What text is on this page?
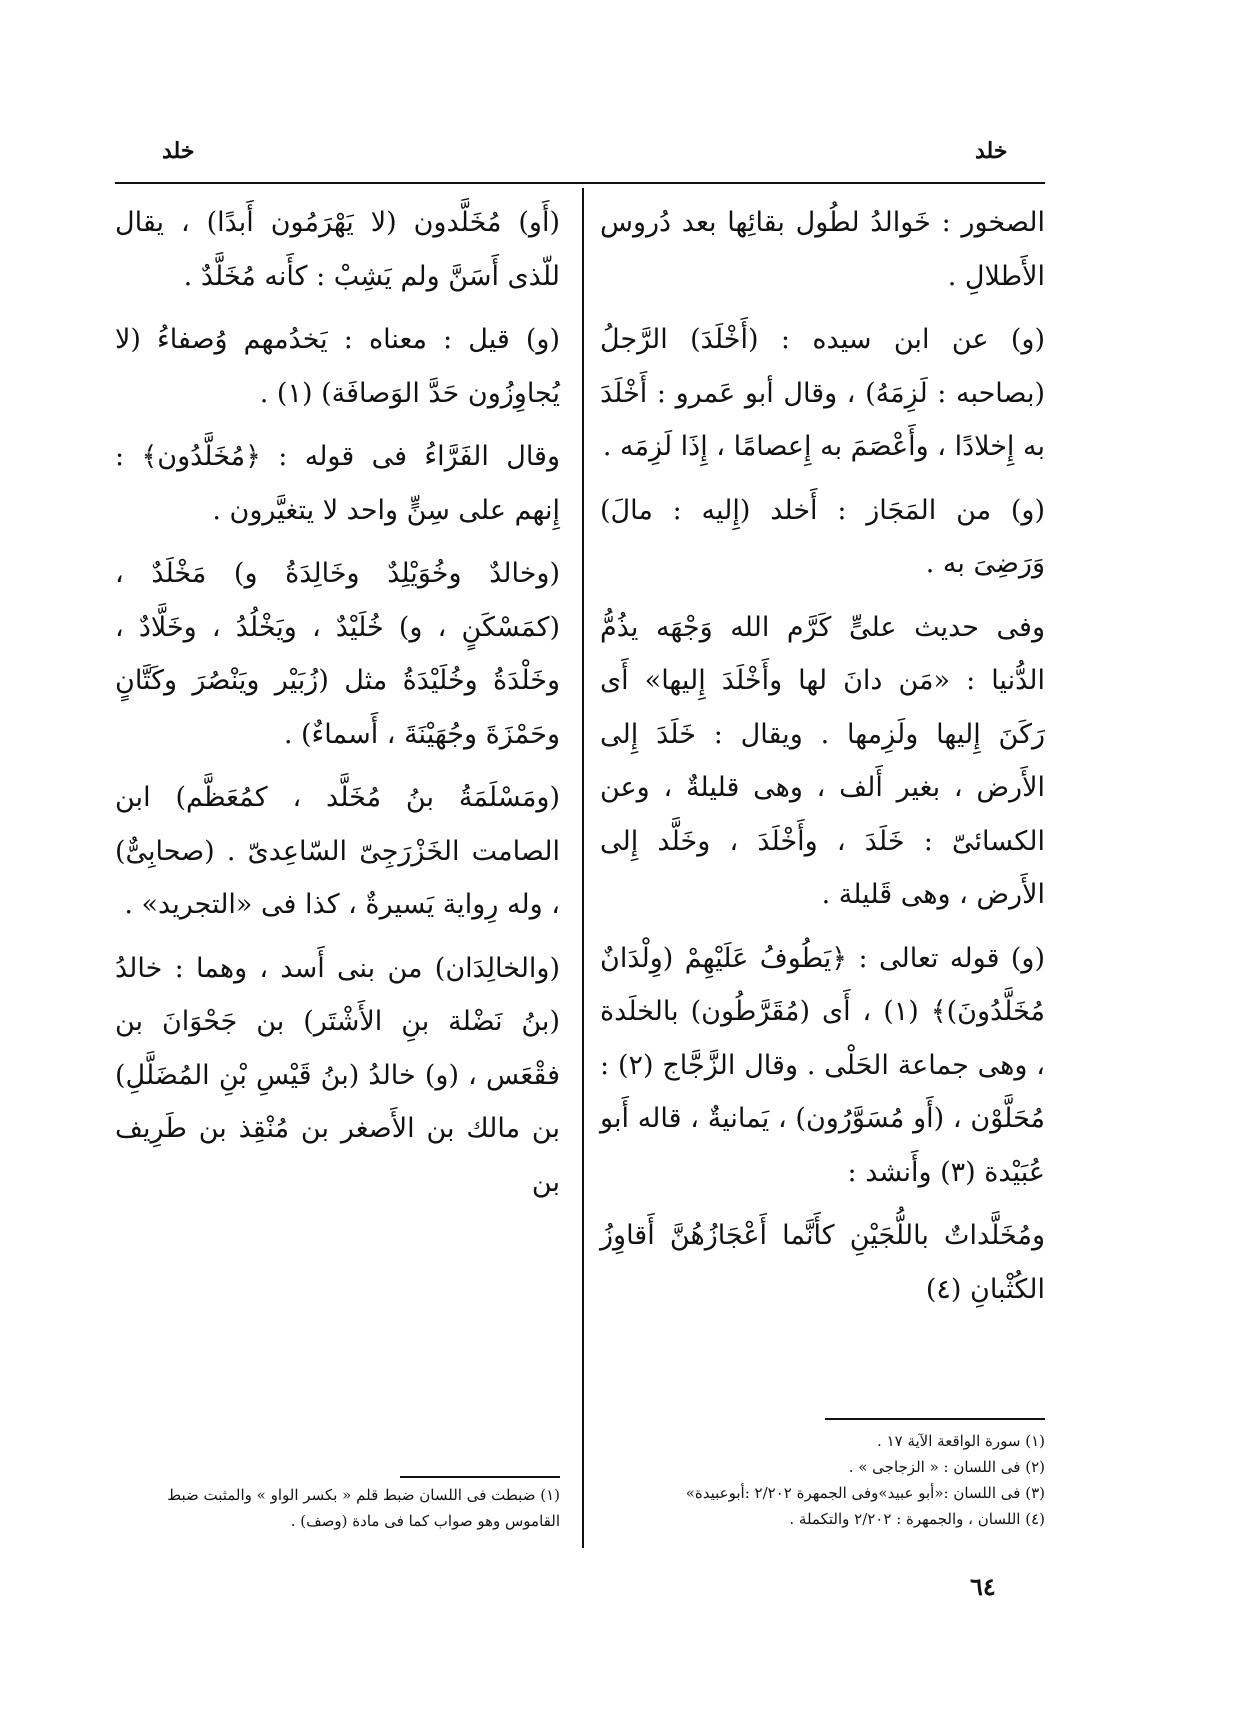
خلد
خلد

الصخور : خَوالدُ لطُول بقائِها بعد دُروس الأَطلالِ .

(و) عن ابن سيده : (أَخْلَدَ) الرَّجلُ (بصاحبه : لَزِمَهُ) ، وقال أبو عَمرو : أَخْلَدَ به إِخلادًا ، وأَعْصَمَ به إِعصامًا ، إِذَا لَزِمَه .

(و) من المَجَاز : أَخلد (إِليه : مالَ) وَرَضِىَ به .

وفى حديث علىٍّ كَرَّم الله وَجْهَه يذُمُّ الدُّنيا : «مَن دانَ لها وأَخْلَدَ إِليها» أَى رَكَنَ إِليها ولَزِمها . ويقال : خَلَدَ إِلى الأَرض ، بغير أَلف ، وهى قليلةٌ ، وعن الكسائىّ : خَلَدَ ، وأَخْلَدَ ، وخَلَّد إِلى الأَرض ، وهى قَليلة .

(و) قوله تعالى : ﴿يَطُوفُ عَلَيْهِمْ (وِلْدَانٌ مُخَلَّدُونَ)﴾ (١) ، أَى (مُقَرَّطُون) بالخلَدة ، وهى جماعة الحَلْى . وقال الزَّجَّاج (٢) : مُحَلَّوْن ، (أَو مُسَوَّرُون) ، يَمانيةٌ ، قاله أَبو عُبَيْدة (٣) وأَنشد :

ومُخَلَّداتٌ باللُّجَيْنِ كأَنَّما أَعْجَازُهُنَّ أَقاوِزُ الكُثْبانِ (٤)

(١) سورة الواقعة الآية ١٧ .

(٢) فى اللسان : « الزجاجى » .

(٣) فى اللسان :«أبو عبيد»وفى الجمهرة ٢/٢٠٢ :أبوعبيدة»

(٤) اللسان ، والجمهرة : ٢/٢٠٢ والتكملة .

(أَو) مُخَلَّدون (لا يَهْرَمُون أَبدًا) ، يقال للّذى أَسَنَّ ولم يَشِبْ : كأَنه مُخَلَّدٌ .

(و) قيل : معناه : يَخدُمهم وُصفاءُ (لا يُجاوِزُون حَدَّ الوَصافَة) (١) .

وقال الفَرَّاءُ فى قوله : ﴿مُخَلَّدُون﴾ : إِنهم على سِنٍّ واحد لا يتغيَّرون .

(وخالدٌ وخُوَيْلِدٌ وخَالِدَةُ و) مَخْلَدٌ ، (كمَسْكَنٍ ، و) خُلَيْدٌ ، ويَخْلُدُ ، وخَلَّادٌ ، وخَلْدَةُ وخُلَيْدَةُ مثل (زُبَيْر ويَنْصُرَ وكَتَّانٍ وحَمْزَةَ وجُهَيْنَةَ ، أَسماءٌ) .

(ومَسْلَمَةُ بنُ مُخَلَّد ، كمُعَظَّم) ابن الصامت الخَزْرَجِىّ السّاعِدىّ . (صحابِىٌّ) ، وله رِواية يَسيرةٌ ، كذا فى «التجريد» .

(والخالِدَان) من بنى أَسد ، وهما : خالدُ (بنُ نَضْلة بنِ الأَشْتَر) بن جَحْوَانَ بن فقْعَس ، (و) خالدُ (بنُ قَيْسِ بْنِ المُضَلَّلِ) بن مالك بن الأَصغر بن مُنْقِذ بن طَرِيف بن

(١) ضبطت فى اللسان ضبط قلم « بكسر الواو » والمثبت ضبط القاموس وهو صواب كما فى مادة (وصف) .

٦٤
